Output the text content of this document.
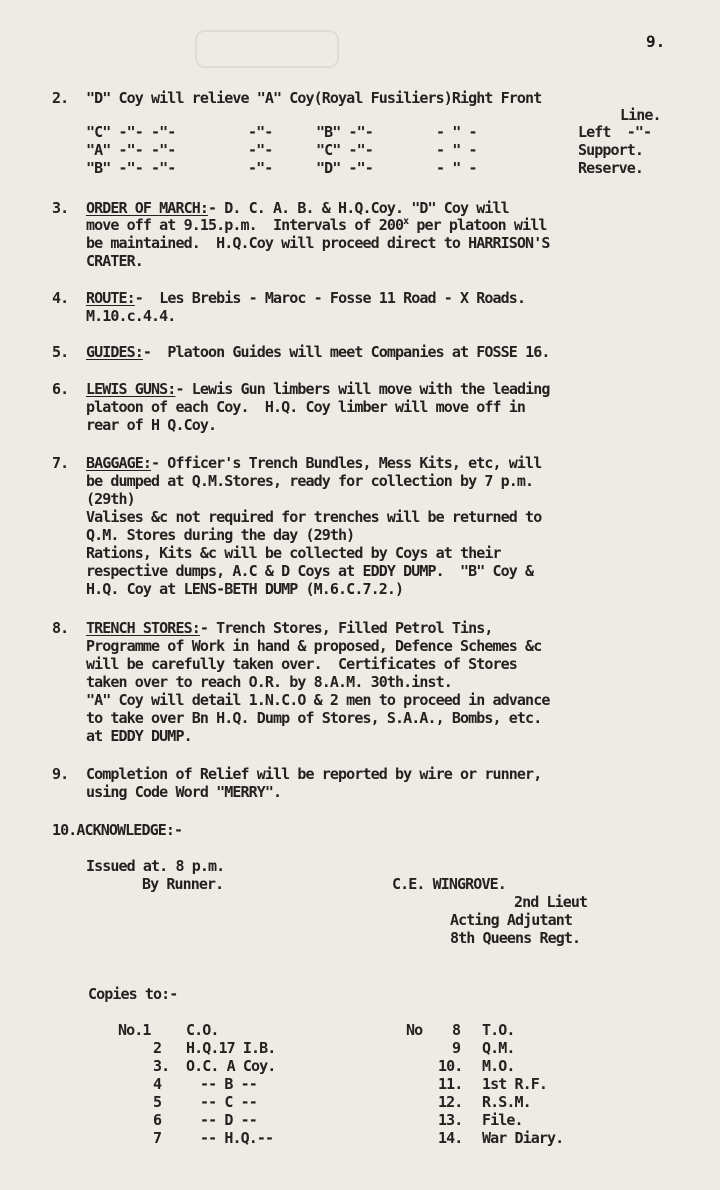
9.
2. "D" Coy will relieve "A" Coy(Royal Fusiliers)Right Front
Line.
"C" -"- -"-	-"-	"B" -"-	- " -	Left  -"-
"A" -"- -"-	-"-	"C" -"-	- " -	Support.
"B" -"- -"-	-"-	"D" -"-	- " -	Reserve.
3. ORDER OF MARCH:- D. C. A. B. & H.Q.Coy. "D" Coy will
move off at 9.15.p.m.  Intervals of 200$^x$ per platoon will
be maintained.  H.Q.Coy will proceed direct to HARRISON'S
CRATER.
4. ROUTE:-  Les Brebis - Maroc - Fosse 11 Road - X Roads.
M.10.c.4.4.
5. GUIDES:-  Platoon Guides will meet Companies at FOSSE 16.
6. LEWIS GUNS:- Lewis Gun limbers will move with the leading
platoon of each Coy.  H.Q. Coy limber will move off in
rear of H Q.Coy.
7. BAGGAGE:- Officer's Trench Bundles, Mess Kits, etc, will
be dumped at Q.M.Stores, ready for collection by 7 p.m.
(29th)
Valises &c not required for trenches will be returned to
Q.M. Stores during the day (29th)
Rations, Kits &c will be collected by Coys at their
respective dumps, A.C & D Coys at EDDY DUMP.  "B" Coy &
H.Q. Coy at LENS-BETH DUMP (M.6.C.7.2.)
8. TRENCH STORES:- Trench Stores, Filled Petrol Tins,
Programme of Work in hand & proposed, Defence Schemes &c
will be carefully taken over.  Certificates of Stores
taken over to reach O.R. by 8.A.M. 30th.inst.
"A" Coy will detail 1.N.C.O & 2 men to proceed in advance
to take over Bn H.Q. Dump of Stores, S.A.A., Bombs, etc.
at EDDY DUMP.
9. Completion of Relief will be reported by wire or runner,
using Code Word "MERRY".
10.ACKNOWLEDGE:-
Issued at. 8 p.m.
By Runner.	C.E. WINGROVE.
2nd Lieut
Acting Adjutant
8th Queens Regt.
Copies to:-
No.1 C.O.
2 H.Q.17 I.B.
3. O.C. A Coy.
4	-- B --
5	-- C --
6	-- D --
7	-- H.Q.--
No 8 T.O.
9 Q.M.
10. M.O.
11. 1st R.F.
12. R.S.M.
13. File.
14. War Diary.
